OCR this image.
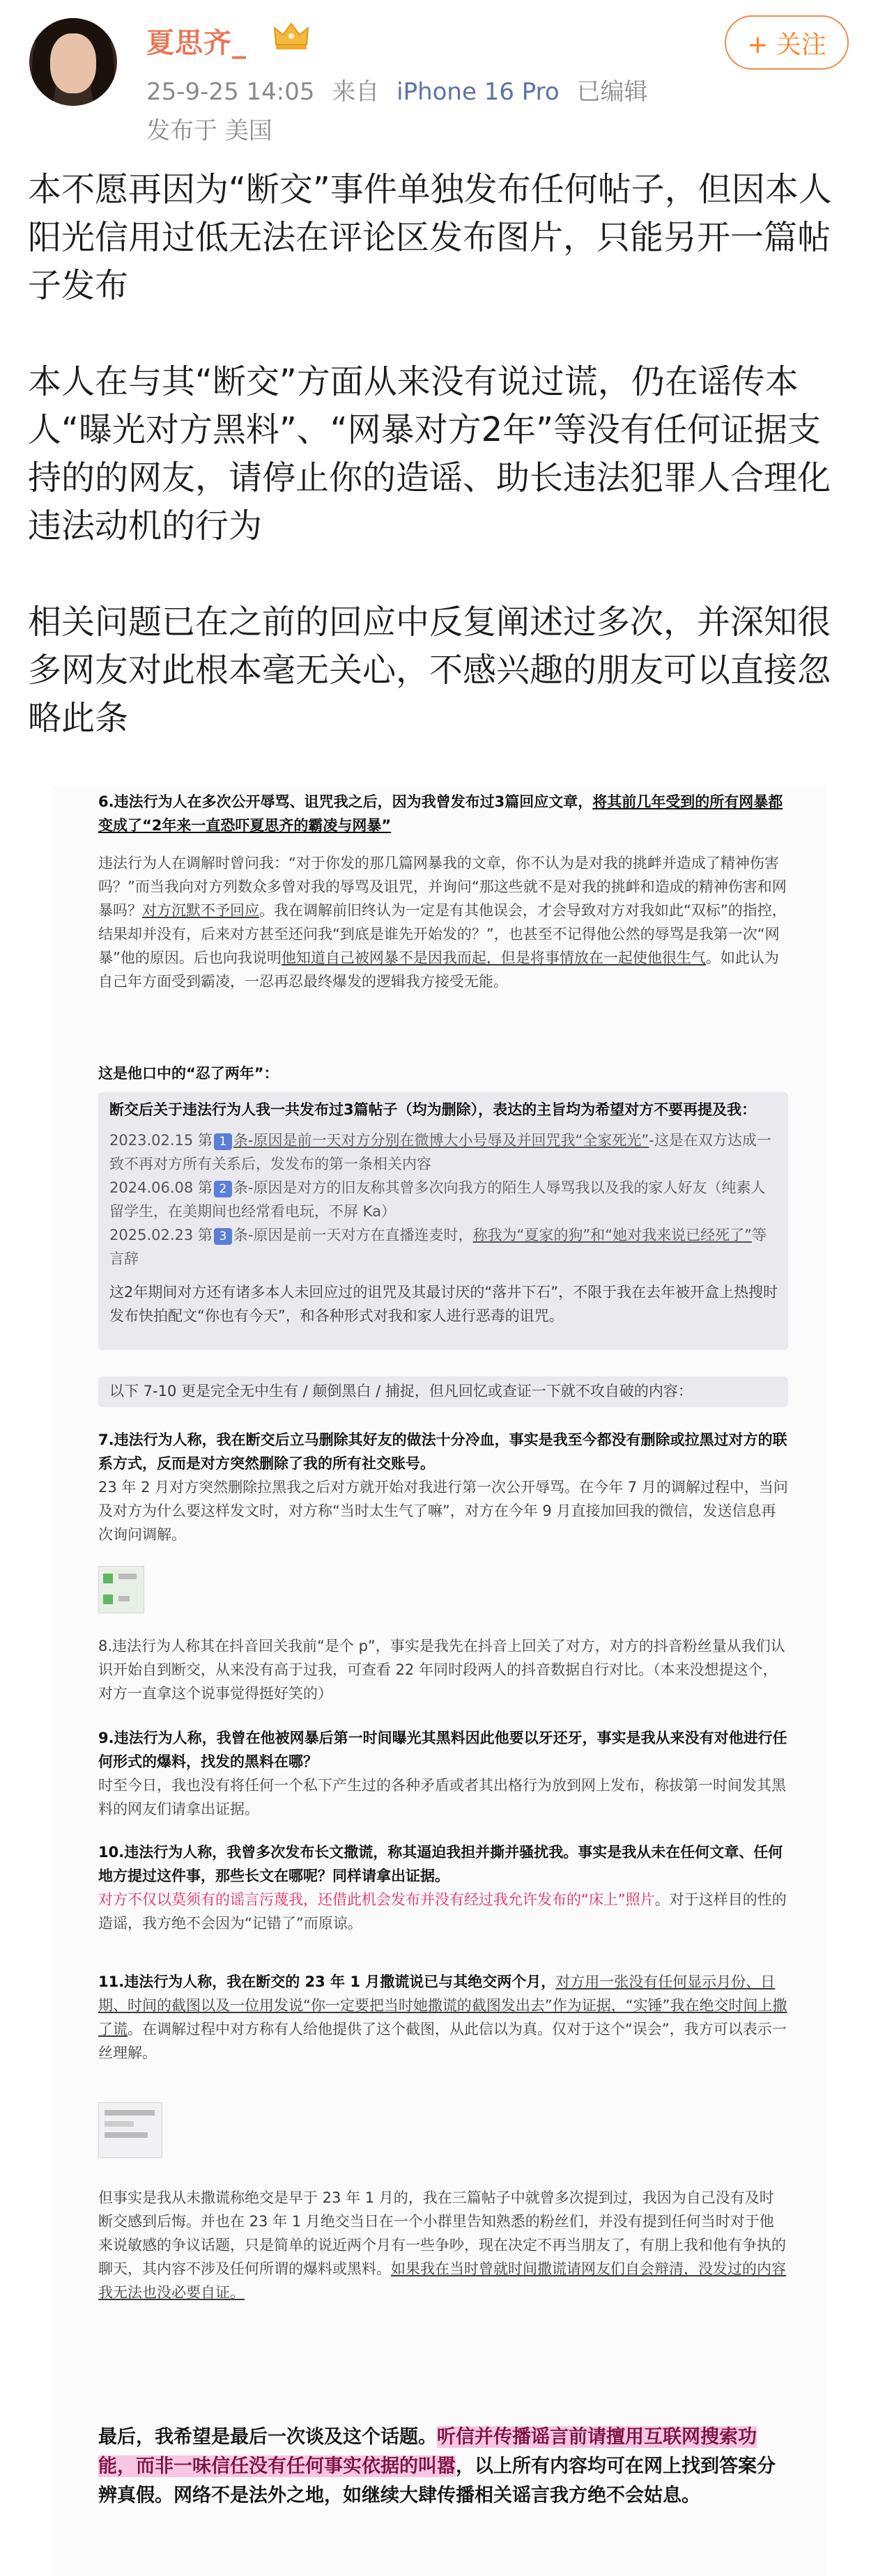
夏思齐_
25-9-25 14:05 来自 iPhone 16 Pro 已编辑
发布于 美国
+ 关注

本不愿再因为“断交”事件单独发布任何帖子，但因本人阳光信用过低无法在评论区发布图片，只能另开一篇帖子发布

本人在与其“断交”方面从来没有说过谎，仍在谣传本人“曝光对方黑料”、“网暴对方2年”等没有任何证据支持的的网友，请停止你的造谣、助长违法犯罪人合理化违法动机的行为

相关问题已在之前的回应中反复阐述过多次，并深知很多网友对此根本毫无关心，不感兴趣的朋友可以直接忽略此条

6.违法行为人在多次公开辱骂、诅咒我之后，因为我曾发布过3篇回应文章，将其前几年受到的所有网暴都变成了“2年来一直恐吓夏思齐的霸凌与网暴”
违法行为人在调解时曾问我：“对于你发的那几篇网暴我的文章，你不认为是对我的挑衅并造成了精神伤害吗？”而当我向对方列数众多曾对我的辱骂及诅咒，并询问“那这些就不是对我的挑衅和造成的精神伤害和网暴吗？对方沉默不予回应。我在调解前旧终认为一定是有其他误会，才会导致对方对我如此“双标”的指控，结果却并没有，后来对方甚至还问我“到底是谁先开始发的？”，也甚至不记得他公然的辱骂是我第一次“网暴”他的原因。后也向我说明他知道自己被网暴不是因我而起，但是将事情放在一起使他很生气。如此认为自己年方面受到霸凌，一忍再忍最终爆发的逻辑我方接受无能。
这是他口中的“忍了两年”：
断交后关于违法行为人我一共发布过3篇帖子（均为删除），表达的主旨均为希望对方不要再提及我：
2023.02.15 第 1 条-原因是前一天对方分别在微博大小号辱及并回咒我“全家死光”-这是在双方达成一致不再对方所有关系后，发发布的第一条相关内容
2024.06.08 第 2 条-原因是对方的旧友称其曾多次向我方的陌生人辱骂我以及我的家人好友（纯素人留学生，在美期间也经常看电玩，不屏 Ka）
2025.02.23 第 3 条-原因是前一天对方在直播连麦时，称我为“夏家的狗”和“她对我来说已经死了”等言辞
这2年期间对方还有诸多本人未回应过的诅咒及其最讨厌的“落井下石”，不限于我在去年被开盒上热搜时发布快拍配文“你也有今天”，和各种形式对我和家人进行恶毒的诅咒。
以下 7-10 更是完全无中生有 / 颠倒黑白 / 捕捉，但凡回忆或查证一下就不攻自破的内容：
7.违法行为人称，我在断交后立马删除其好友的做法十分冷血，事实是我至今都没有删除或拉黑过对方的联系方式，反而是对方突然删除了我的所有社交账号。
23 年 2 月对方突然删除拉黑我之后对方就开始对我进行第一次公开辱骂。在今年 7 月的调解过程中，当问及对方为什么要这样发文时，对方称“当时太生气了嘛”，对方在今年 9 月直接加回我的微信，发送信息再次询问调解。
8.违法行为人称其在抖音回关我前“是个 p”，事实是我先在抖音上回关了对方，对方的抖音粉丝量从我们认识开始自到断交，从来没有高于过我，可查看 22 年同时段两人的抖音数据自行对比。（本来没想提这个，对方一直拿这个说事觉得挺好笑的）
9.违法行为人称，我曾在他被网暴后第一时间曝光其黑料因此他要以牙还牙，事实是我从来没有对他进行任何形式的爆料，找发的黑料在哪？
时至今日，我也没有将任何一个私下产生过的各种矛盾或者其出格行为放到网上发布，称拔第一时间发其黑料的网友们请拿出证据。
10.违法行为人称，我曾多次发布长文撒谎，称其逼迫我担并撕并骚扰我。事实是我从未在任何文章、任何地方提过这件事，那些长文在哪呢？同样请拿出证据。
对方不仅以莫须有的谣言污蔑我，还借此机会发布并没有经过我允许发布的“床上”照片。对于这样目的性的造谣，我方绝不会因为“记错了”而原谅。
11.违法行为人称，我在断交的 23 年 1 月撒谎说已与其绝交两个月，对方用一张没有任何显示月份、日期、时间的截图以及一位用发说“你一定要把当时她撒谎的截图发出去”作为证据，“实锤”我在绝交时间上撒了谎。在调解过程中对方称有人给他提供了这个截图，从此信以为真。仅对于这个“误会”，我方可以表示一丝理解。
但事实是我从未撒谎称绝交是早于 23 年 1 月的，我在三篇帖子中就曾多次提到过，我因为自己没有及时断交感到后悔。并也在 23 年 1 月绝交当日在一个小群里告知熟悉的粉丝们，并没有提到任何当时对于他来说敏感的争议话题，只是简单的说近两个月有一些争吵，现在决定不再当朋友了，有朋上我和他有争执的聊天，其内容不涉及任何所谓的爆料或黑料。如果我在当时曾就时间撒谎请网友们自会辩清，没发过的内容我无法也没必要自证。
最后，我希望是最后一次谈及这个话题。听信并传播谣言前请擅用互联网搜索功能，而非一味信任没有任何事实依据的叫嚣，以上所有内容均可在网上找到答案分辨真假。网络不是法外之地，如继续大肆传播相关谣言我方绝不会姑息。
